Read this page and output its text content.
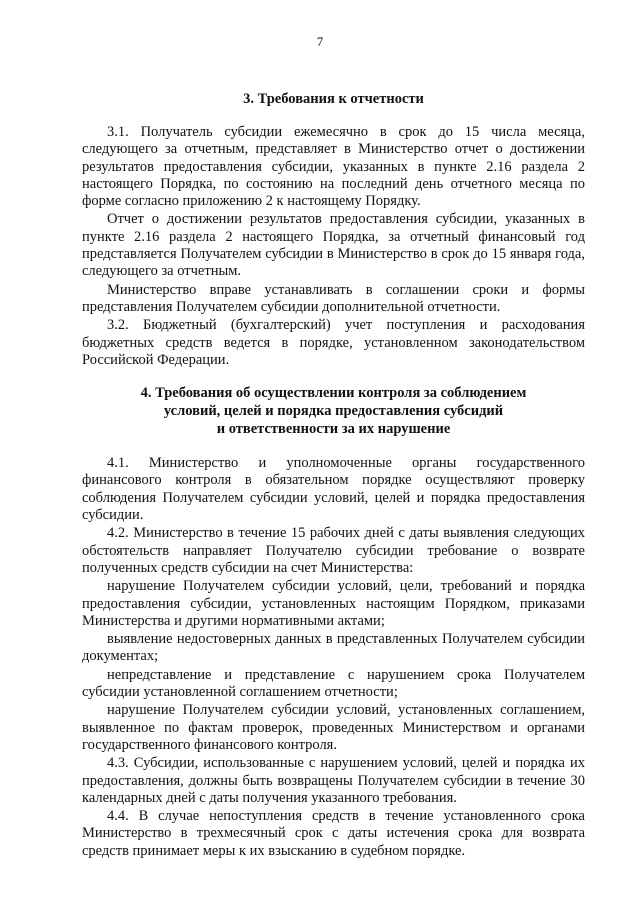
7

3. Требования к отчетности

3.1. Получатель субсидии ежемесячно в срок до 15 числа месяца, следующего за отчетным, представляет в Министерство отчет о достижении результатов предоставления субсидии, указанных в пункте 2.16 раздела 2 настоящего Порядка, по состоянию на последний день отчетного месяца по форме согласно приложению 2 к настоящему Порядку.

Отчет о достижении результатов предоставления субсидии, указанных в пункте 2.16 раздела 2 настоящего Порядка, за отчетный финансовый год представляется Получателем субсидии в Министерство в срок до 15 января года, следующего за отчетным.

Министерство вправе устанавливать в соглашении сроки и формы представления Получателем субсидии дополнительной отчетности.

3.2. Бюджетный (бухгалтерский) учет поступления и расходования бюджетных средств ведется в порядке, установленном законодательством Российской Федерации.

4. Требования об осуществлении контроля за соблюдением
условий, целей и порядка предоставления субсидий
и ответственности за их нарушение

4.1. Министерство и уполномоченные органы государственного финансового контроля в обязательном порядке осуществляют проверку соблюдения Получателем субсидии условий, целей и порядка предоставления субсидии.

4.2. Министерство в течение 15 рабочих дней с даты выявления следующих обстоятельств направляет Получателю субсидии требование о возврате полученных средств субсидии на счет Министерства:

нарушение Получателем субсидии условий, цели, требований и порядка предоставления субсидии, установленных настоящим Порядком, приказами Министерства и другими нормативными актами;

выявление недостоверных данных в представленных Получателем субсидии документах;

непредставление и представление с нарушением срока Получателем субсидии установленной соглашением отчетности;

нарушение Получателем субсидии условий, установленных соглашением, выявленное по фактам проверок, проведенных Министерством и органами государственного финансового контроля.

4.3. Субсидии, использованные с нарушением условий, целей и порядка их предоставления, должны быть возвращены Получателем субсидии в течение 30 календарных дней с даты получения указанного требования.

4.4. В случае непоступления средств в течение установленного срока Министерство в трехмесячный срок с даты истечения срока для возврата средств принимает меры к их взысканию в судебном порядке.
